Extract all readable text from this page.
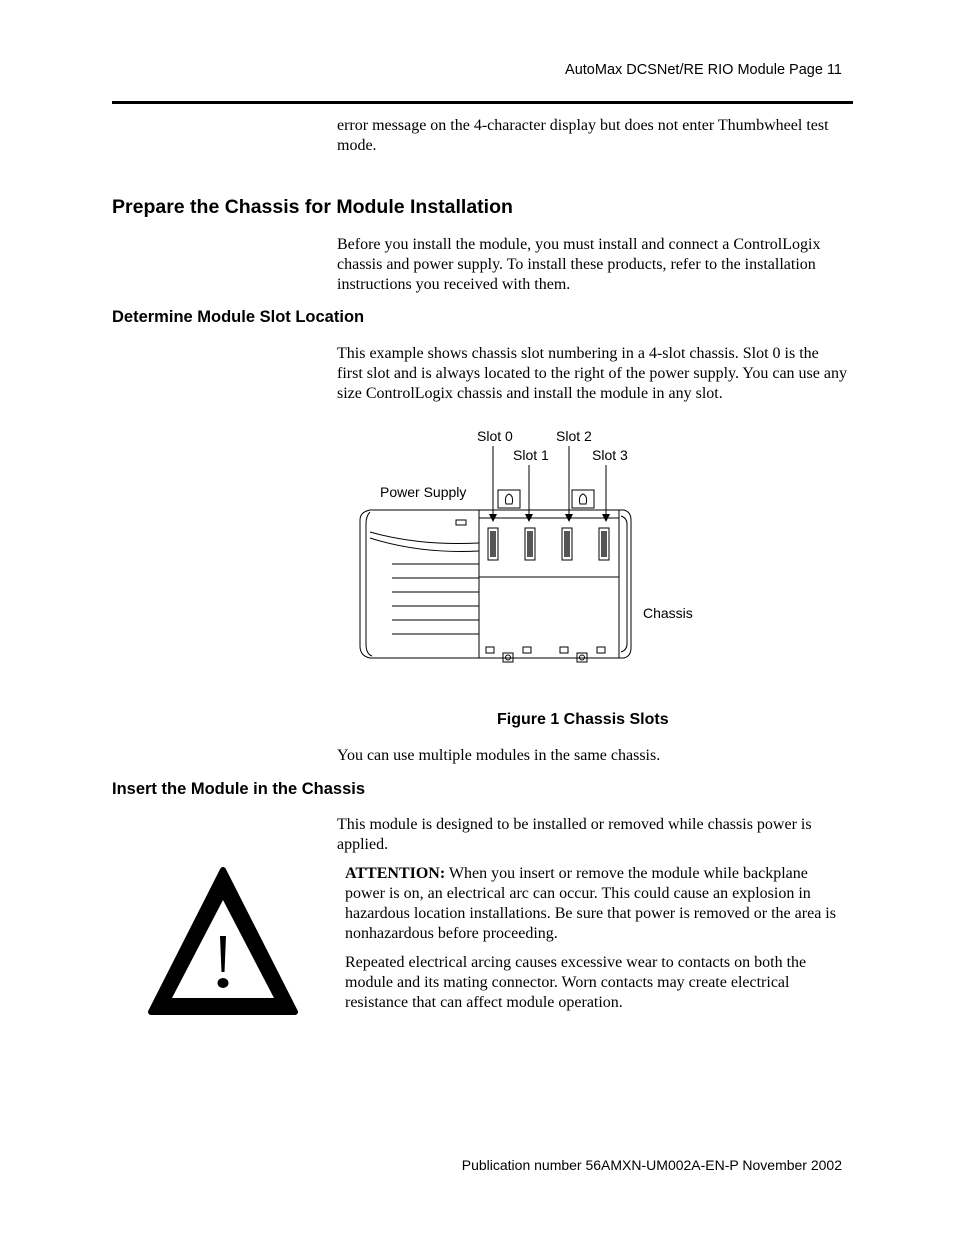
AutoMax DCSNet/RE RIO Module Page 11

error message on the 4-character display but does not enter Thumbwheel test mode.

Prepare the Chassis for Module Installation

Before you install the module, you must install and connect a ControlLogix chassis and power supply. To install these products, refer to the installation instructions you received with them.

Determine Module Slot Location

This example shows chassis slot numbering in a 4-slot chassis. Slot 0 is the first slot and is always located to the right of the power supply. You can use any size ControlLogix chassis and install the module in any slot.

Slot 0	Slot 2
Slot 1	Slot 3
Power Supply
Chassis
Figure 1 Chassis Slots

You can use multiple modules in the same chassis.

Insert the Module in the Chassis

This module is designed to be installed or removed while chassis power is applied.

ATTENTION: When you insert or remove the module while backplane power is on, an electrical arc can occur. This could cause an explosion in hazardous location installations. Be sure that power is removed or the area is nonhazardous before proceeding.

Repeated electrical arcing causes excessive wear to contacts on both the module and its mating connector. Worn contacts may create electrical resistance that can affect module operation.

Publication number 56AMXN-UM002A-EN-P November 2002
